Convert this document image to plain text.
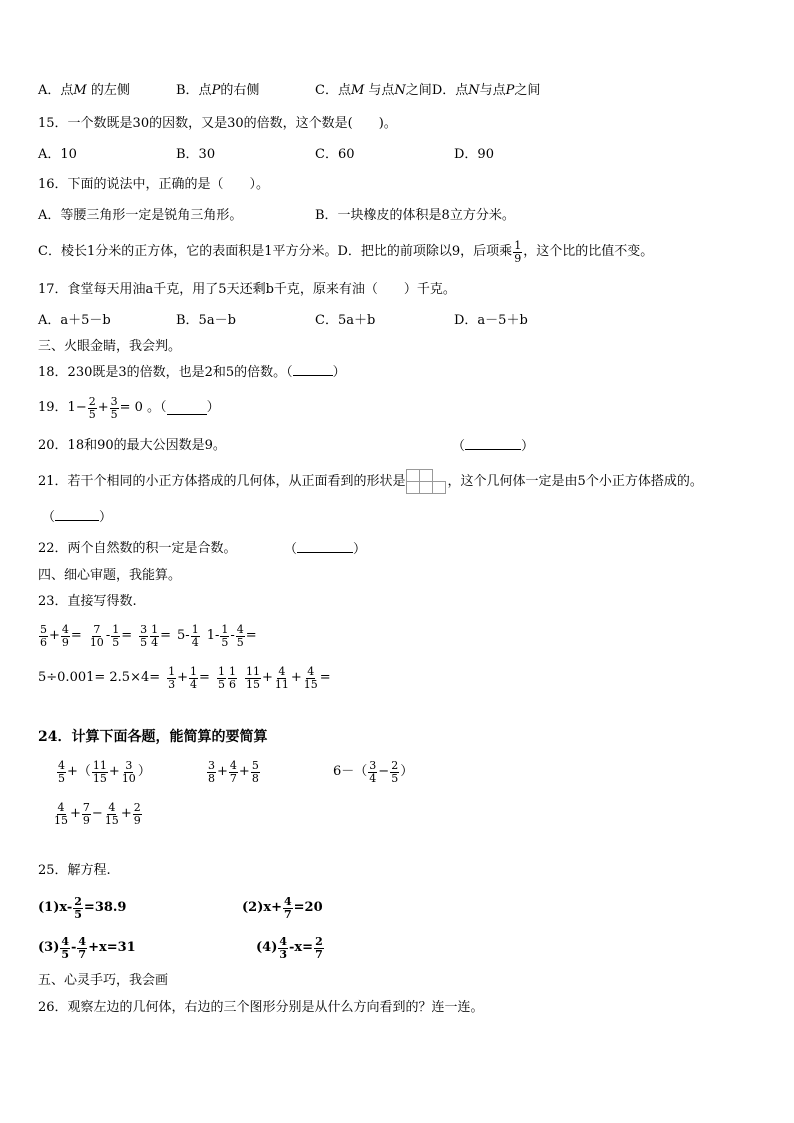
A．点M 的左侧	B．点P的右侧	C．点M 与点N之间D．点N与点P之间
15．一个数既是30的因数，又是30的倍数，这个数是(　　)。
A．10	B．30	C．60	D．90
16．下面的说法中，正确的是（　　）。
A．等腰三角形一定是锐角三角形。	B．一块橡皮的体积是8立方分米。
C．棱长1分米的正方体，它的表面积是1平方分米。D．把比的前项除以9，后项乘 $\frac{1}{9}$ ，这个比的比值不变。
17．食堂每天用油a千克，用了5天还剩b千克，原来有油（　　）千克。
A．a＋5－b	B．5a－b	C．5a＋b	D．a－5＋b
三、火眼金睛，我会判。
18．230既是3的倍数，也是2和5的倍数。（	）
19． $1- \frac{2}{5} + \frac{3}{5} = 0$ 。（	）
20．18和90的最大公因数是9。	（	）
21．若干个相同的小正方体搭成的几何体，从正面看到的形状是	，这个几何体一定是由5个小正方体搭成的。
（	）
22．两个自然数的积一定是合数。	（	）
四、细心审题，我能算。
23．直接写得数.
$\frac{5}{6} + \frac{4}{9} = \frac{7}{10} - \frac{1}{5} = \frac{3}{5} \frac{1}{4} = 5- \frac{1}{4} 1- \frac{1}{5} - \frac{4}{5}$ =
$5\div 0.001= 2.5\times 4= \frac{1}{3} + \frac{1}{4} = \frac{1}{5} \frac{1}{6} \frac{11}{15} + \frac{4}{11} + \frac{4}{15}$ =
24．计算下面各题，能简算的要简算
$\frac{4}{5}$ +（ $\frac{11}{15} + \frac{3}{10}$ ）	$\frac{3}{8} + \frac{4}{7} + \frac{5}{8}$	$6-( \frac{3}{4} - \frac{2}{5}$ ）
$\frac{4}{15} + \frac{7}{9} - \frac{4}{15} + \frac{2}{9}$
25．解方程.
$(1)x- \frac{2}{5} =38.9$	$(2)x+ \frac{4}{7} =20$
$(3) \frac{4}{5} - \frac{4}{7} +x=31$	$(4) \frac{4}{3} -x= \frac{2}{7}$
五、心灵手巧，我会画
26．观察左边的几何体，右边的三个图形分别是从什么方向看到的？连一连。
